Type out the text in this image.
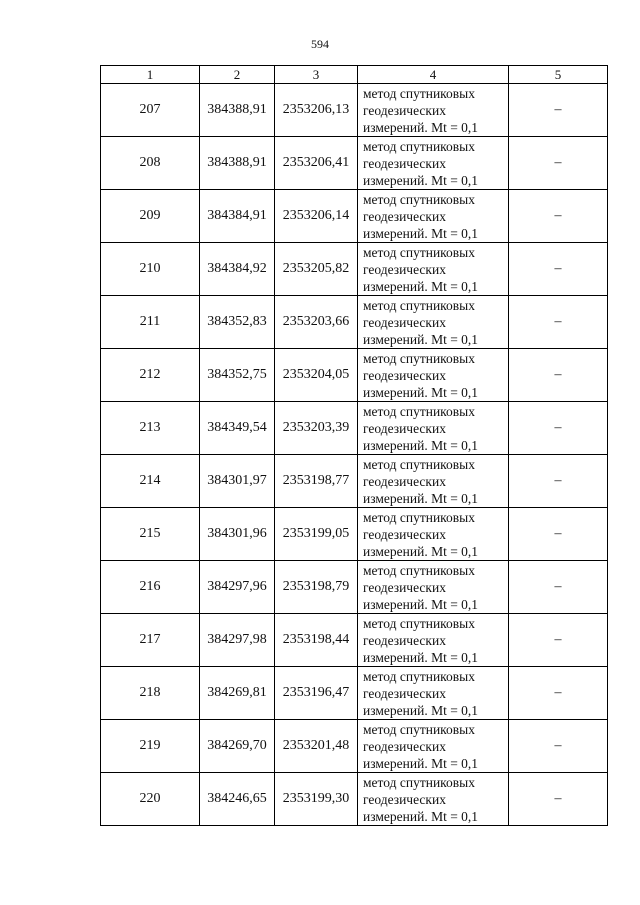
594
1	2	3	4	5
207	384388,91	2353206,13	метод спутниковых
геодезических
измерений. Mt = 0,1	–
208	384388,91	2353206,41	метод спутниковых
геодезических
измерений. Mt = 0,1	–
209	384384,91	2353206,14	метод спутниковых
геодезических
измерений. Mt = 0,1	–
210	384384,92	2353205,82	метод спутниковых
геодезических
измерений. Mt = 0,1	–
211	384352,83	2353203,66	метод спутниковых
геодезических
измерений. Mt = 0,1	–
212	384352,75	2353204,05	метод спутниковых
геодезических
измерений. Mt = 0,1	–
213	384349,54	2353203,39	метод спутниковых
геодезических
измерений. Mt = 0,1	–
214	384301,97	2353198,77	метод спутниковых
геодезических
измерений. Mt = 0,1	–
215	384301,96	2353199,05	метод спутниковых
геодезических
измерений. Mt = 0,1	–
216	384297,96	2353198,79	метод спутниковых
геодезических
измерений. Mt = 0,1	–
217	384297,98	2353198,44	метод спутниковых
геодезических
измерений. Mt = 0,1	–
218	384269,81	2353196,47	метод спутниковых
геодезических
измерений. Mt = 0,1	–
219	384269,70	2353201,48	метод спутниковых
геодезических
измерений. Mt = 0,1	–
220	384246,65	2353199,30	метод спутниковых
геодезических
измерений. Mt = 0,1	–
